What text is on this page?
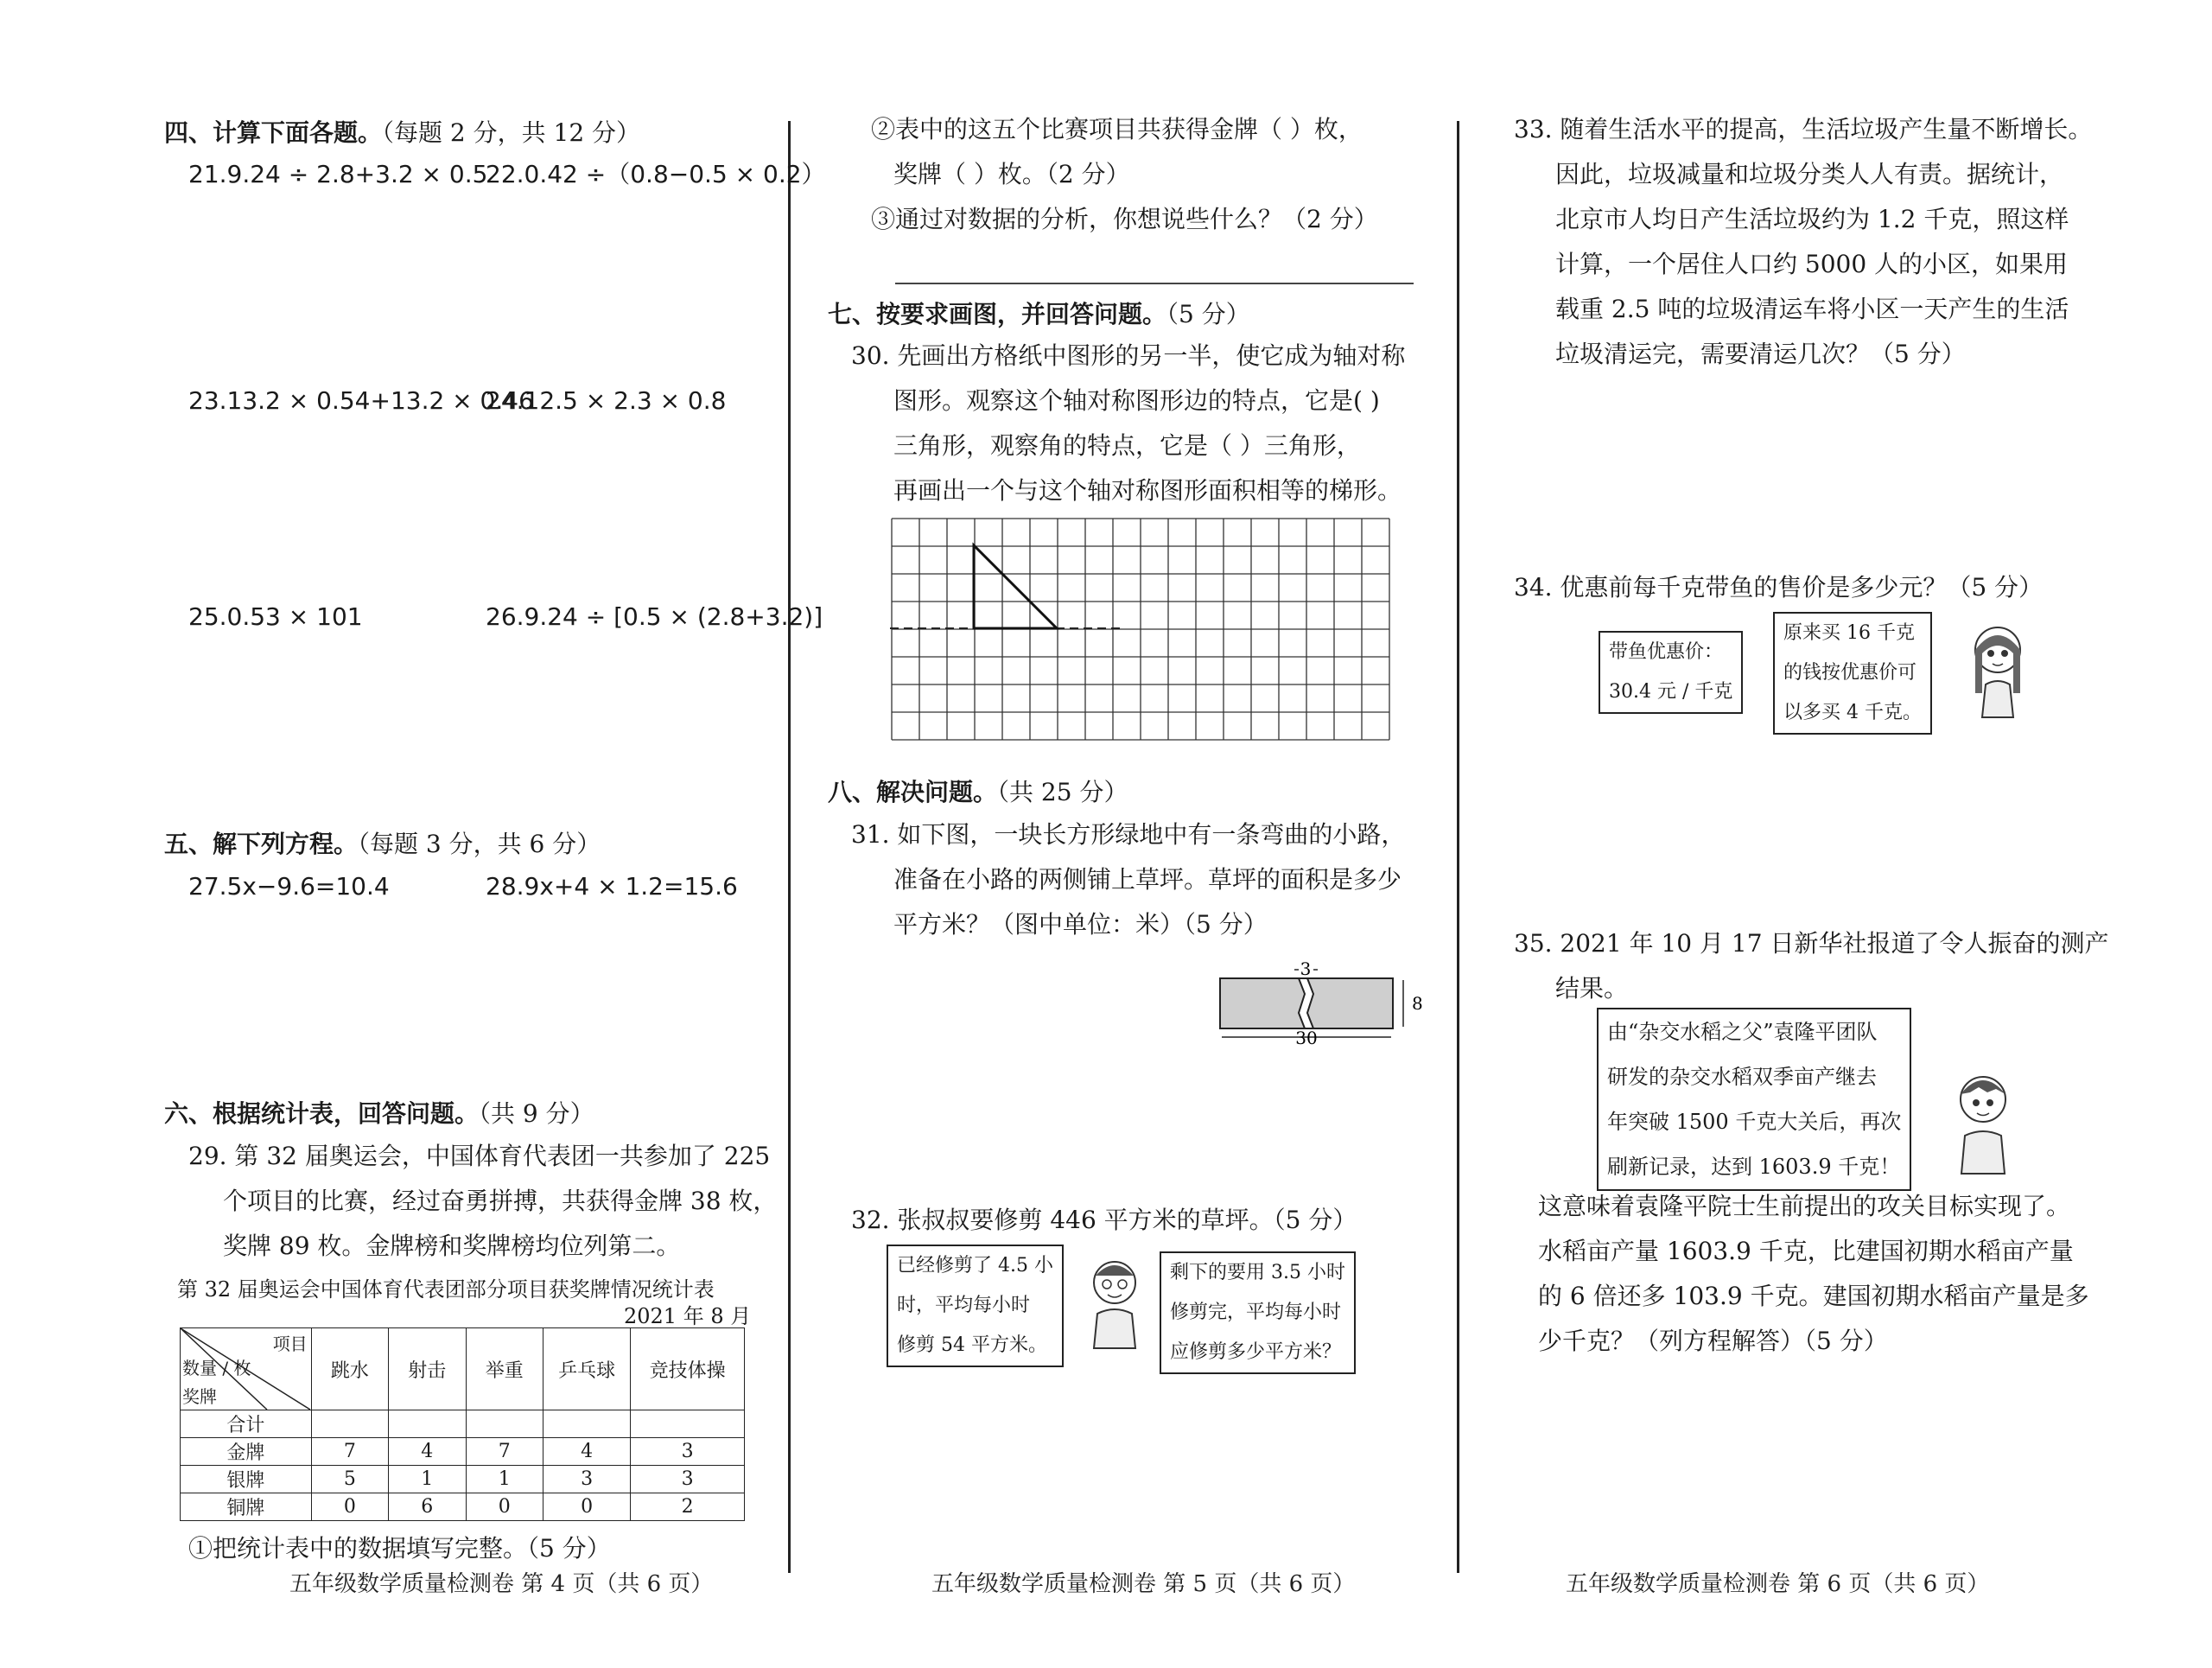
四、计算下面各题。（每题 2 分，共 12 分）
21.9.24 ÷ 2.8+3.2 × 0.5
22.0.42 ÷（0.8−0.5 × 0.2）
23.13.2 × 0.54+13.2 × 0.46
24.12.5 × 2.3 × 0.8
25.0.53 × 101	26.9.24 ÷ [0.5 × (2.8+3.2)]
五、解下列方程。（每题 3 分，共 6 分）
27.5x−9.6=10.4	28.9x+4 × 1.2=15.6
六、根据统计表，回答问题。（共 9 分）
29. 第 32 届奥运会，中国体育代表团一共参加了 225
个项目的比赛，经过奋勇拼搏，共获得金牌 38 枚，
奖牌 89 枚。金牌榜和奖牌榜均位列第二。
第 32 届奥运会中国体育代表团部分项目获奖牌情况统计表
2021 年 8 月
项目
数量 / 枚
奖牌	跳水	射击	举重	乒乓球	竞技体操
合计					
金牌	7	4	7	4	3
银牌	5	1	1	3	3
铜牌	0	6	0	0	2
①把统计表中的数据填写完整。（5 分）
五年级数学质量检测卷 第 4 页（共 6 页）
②表中的这五个比赛项目共获得金牌（ ）枚，
奖牌（ ）枚。（2 分）
③通过对数据的分析，你想说些什么？（2 分）
七、按要求画图，并回答问题。（5 分）
30. 先画出方格纸中图形的另一半，使它成为轴对称
图形。观察这个轴对称图形边的特点，它是( )
三角形，观察角的特点，它是（ ）三角形，
再画出一个与这个轴对称图形面积相等的梯形。
八、解决问题。（共 25 分）
31. 如下图，一块长方形绿地中有一条弯曲的小路，
准备在小路的两侧铺上草坪。草坪的面积是多少
平方米？（图中单位：米）（5 分）
3
8
30
32. 张叔叔要修剪 446 平方米的草坪。（5 分）
已经修剪了 4.5 小
时，平均每小时
修剪 54 平方米。
剩下的要用 3.5 小时
修剪完，平均每小时
应修剪多少平方米？
五年级数学质量检测卷 第 5 页（共 6 页）
33. 随着生活水平的提高，生活垃圾产生量不断增长。
因此，垃圾减量和垃圾分类人人有责。据统计，
北京市人均日产生活垃圾约为 1.2 千克，照这样
计算，一个居住人口约 5000 人的小区，如果用
载重 2.5 吨的垃圾清运车将小区一天产生的生活
垃圾清运完，需要清运几次？（5 分）
34. 优惠前每千克带鱼的售价是多少元？（5 分）
带鱼优惠价：
30.4 元 / 千克
原来买 16 千克
的钱按优惠价可
以多买 4 千克。
35. 2021 年 10 月 17 日新华社报道了令人振奋的测产
结果。
由“杂交水稻之父”袁隆平团队
研发的杂交水稻双季亩产继去
年突破 1500 千克大关后，再次
刷新记录，达到 1603.9 千克！
这意味着袁隆平院士生前提出的攻关目标实现了。
水稻亩产量 1603.9 千克，比建国初期水稻亩产量
的 6 倍还多 103.9 千克。建国初期水稻亩产量是多
少千克？（列方程解答）（5 分）
五年级数学质量检测卷 第 6 页（共 6 页）
